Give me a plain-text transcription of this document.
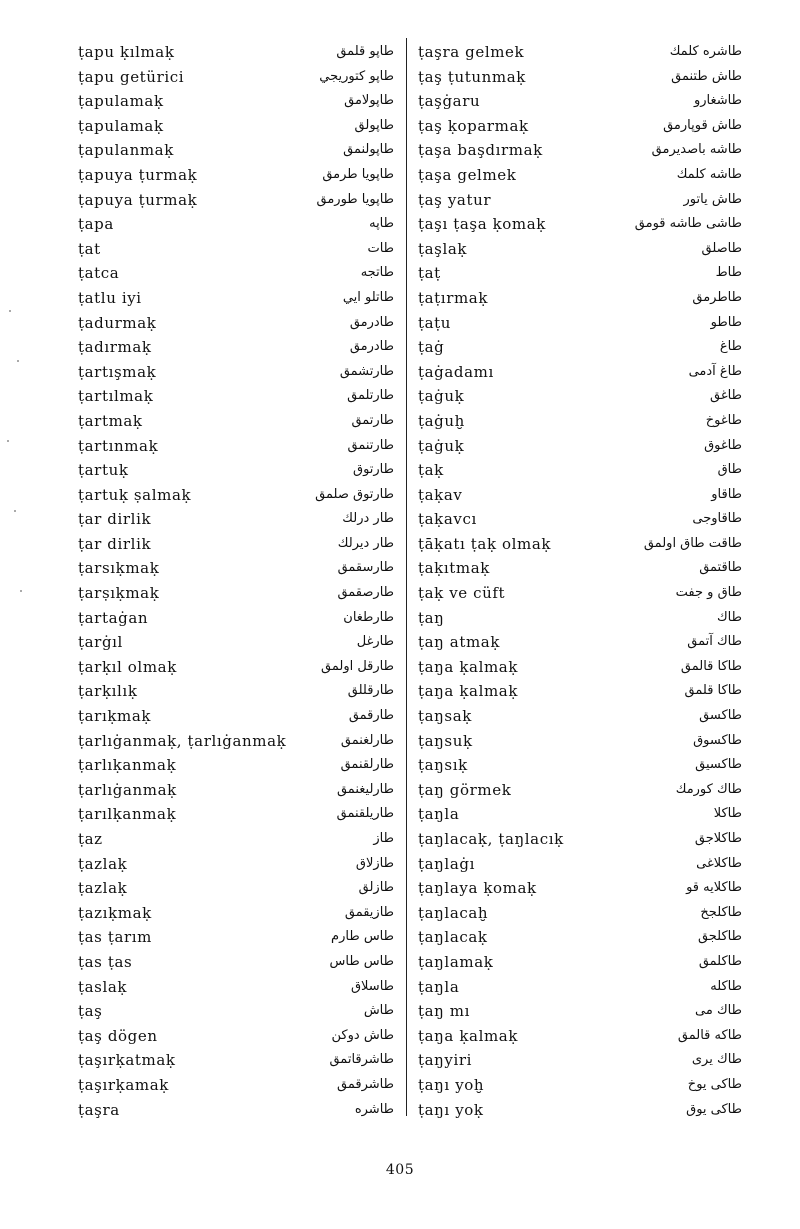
ṭapu ḳılmaḳ	طاپو قلمق
ṭapu getürici	طاپو كتوريجي
ṭapulamaḳ	طاپولامق
ṭapulamaḳ	طاپولق
ṭapulanmaḳ	طاپولنمق
ṭapuya ṭurmaḳ	طاپويا طرمق
ṭapuya ṭurmaḳ	طاپويا طورمق
ṭapa	طاپه
ṭat	طات
ṭatca	طاتجه
ṭatlu iyi	طاتلو ايي
ṭadurmaḳ	طادرمق
ṭadırmaḳ	طادرمق
ṭartışmaḳ	طارتشمق
ṭartılmaḳ	طارتلمق
ṭartmaḳ	طارتمق
ṭartınmaḳ	طارتنمق
ṭartuḳ	طارتوق
ṭartuḳ ṣalmaḳ	طارتوق صلمق
ṭar dirlik	طار درلك
ṭar dirlik	طار ديرلك
ṭarsıḳmaḳ	طارسقمق
ṭarṣıḳmaḳ	طارصقمق
ṭartaġan	طارطغان
ṭarġıl	طارغل
ṭarḳıl olmaḳ	طارقل اولمق
ṭarḳılıḳ	طارقللق
ṭarıḳmaḳ	طارقمق
ṭarlıġanmaḳ, ṭarlıġanmaḳ	طارلغنمق
ṭarlıḳanmaḳ	طارلقنمق
ṭarlıġanmaḳ	طارليغنمق
ṭarılḳanmaḳ	طاريلقنمق
ṭaz	طاز
ṭazlaḳ	طازلاق
ṭazlaḳ	طازلق
ṭazıḳmaḳ	طازيقمق
ṭas ṭarım	طاس طارم
ṭas ṭas	طاس طاس
ṭaslaḳ	طاسلاق
ṭaş	طاش
ṭaş dögen	طاش دوكن
ṭaşırḳatmaḳ	طاشرقاتمق
ṭaşırḳamaḳ	طاشرقمق
ṭaşra	طاشره
ṭaşra gelmek	طاشره كلمك
ṭaş ṭutunmaḳ	طاش طتنمق
ṭaşġaru	طاشغارو
ṭaş ḳoparmaḳ	طاش قوپارمق
ṭaşa başdırmaḳ	طاشه باصديرمق
ṭaşa gelmek	طاشه كلمك
ṭaş yatur	طاش ياتور
ṭaşı ṭaşa ḳomaḳ	طاشى طاشه قومق
ṭaşlaḳ	طاصلق
ṭaṭ	طاط
ṭaṭırmaḳ	طاطرمق
ṭaṭu	طاطو
ṭaġ	طاغ
ṭaġadamı	طاغ آدمى
ṭaġuḳ	طاغق
ṭaġuḫ	طاغوخ
ṭaġuḳ	طاغوق
ṭaḳ	طاق
ṭaḳav	طاقاو
ṭaḳavcı	طاقاوجى
ṭāḳatı ṭaḳ olmaḳ	طاقت طاق اولمق
ṭaḳıtmaḳ	طاقتمق
ṭaḳ ve cüft	طاق و جفت
ṭaŋ	طاك
ṭaŋ atmaḳ	طاك آتمق
ṭaŋa ḳalmaḳ	طاكا قالمق
ṭaŋa ḳalmaḳ	طاكا قلمق
ṭaŋsaḳ	طاكسق
ṭaŋsuḳ	طاكسوق
ṭaŋsıḳ	طاكسيق
ṭaŋ görmek	طاك كورمك
ṭaŋla	طاكلا
ṭaŋlacaḳ, ṭaŋlacıḳ	طاكلاجق
ṭaŋlaġı	طاكلاغى
ṭaŋlaya ḳomaḳ	طاكلايه قو
ṭaŋlacaḫ	طاكلجخ
ṭaŋlacaḳ	طاكلجق
ṭaŋlamaḳ	طاكلمق
ṭaŋla	طاكله
ṭaŋ mı	طاك مى
ṭaŋa ḳalmaḳ	طاكه قالمق
ṭaŋyiri	طاك يرى
ṭaŋı yoḫ	طاكى يوخ
ṭaŋı yoḳ	طاكى يوق
405
